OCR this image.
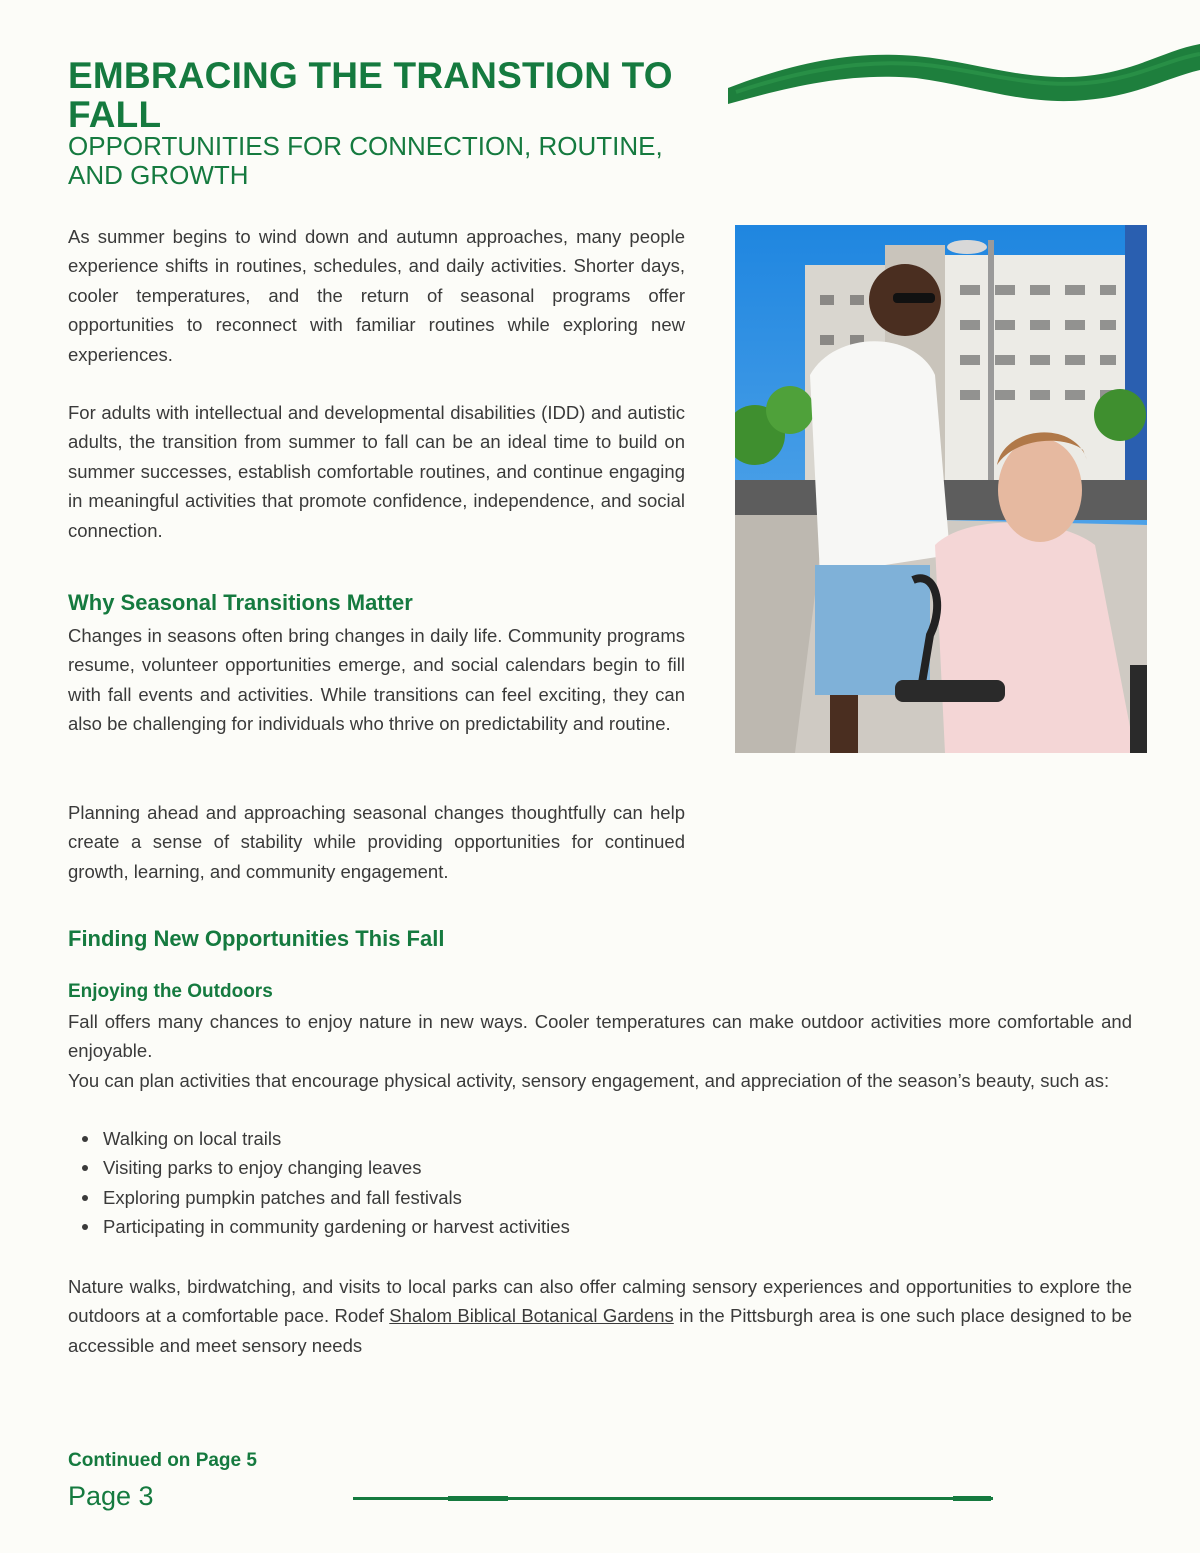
EMBRACING THE TRANSTION TO FALL
OPPORTUNITIES FOR CONNECTION, ROUTINE, AND GROWTH

As summer begins to wind down and autumn approaches, many people experience shifts in routines, schedules, and daily activities. Shorter days, cooler temperatures, and the return of seasonal programs offer opportunities to reconnect with familiar routines while exploring new experiences.

For adults with intellectual and developmental disabilities (IDD) and autistic adults, the transition from summer to fall can be an ideal time to build on summer successes, establish comfortable routines, and continue engaging in meaningful activities that promote confidence, independence, and social connection.

Why Seasonal Transitions Matter

Changes in seasons often bring changes in daily life. Community programs resume, volunteer opportunities emerge, and social calendars begin to fill with fall events and activities. While transitions can feel exciting, they can also be challenging for individuals who thrive on predictability and routine.

Planning ahead and approaching seasonal changes thoughtfully can help create a sense of stability while providing opportunities for continued growth, learning, and community engagement.

Finding New Opportunities This Fall
Enjoying the Outdoors

Fall offers many chances to enjoy nature in new ways. Cooler temperatures can make outdoor activities more comfortable and enjoyable.

You can plan activities that encourage physical activity, sensory engagement, and appreciation of the season’s beauty, such as:

Walking on local trails
Visiting parks to enjoy changing leaves
Exploring pumpkin patches and fall festivals
Participating in community gardening or harvest activities

Nature walks, birdwatching, and visits to local parks can also offer calming sensory experiences and opportunities to explore the outdoors at a comfortable pace. Rodef Shalom Biblical Botanical Gardens in the Pittsburgh area is one such place designed to be accessible and meet sensory needs

Continued on Page 5

Page 3
